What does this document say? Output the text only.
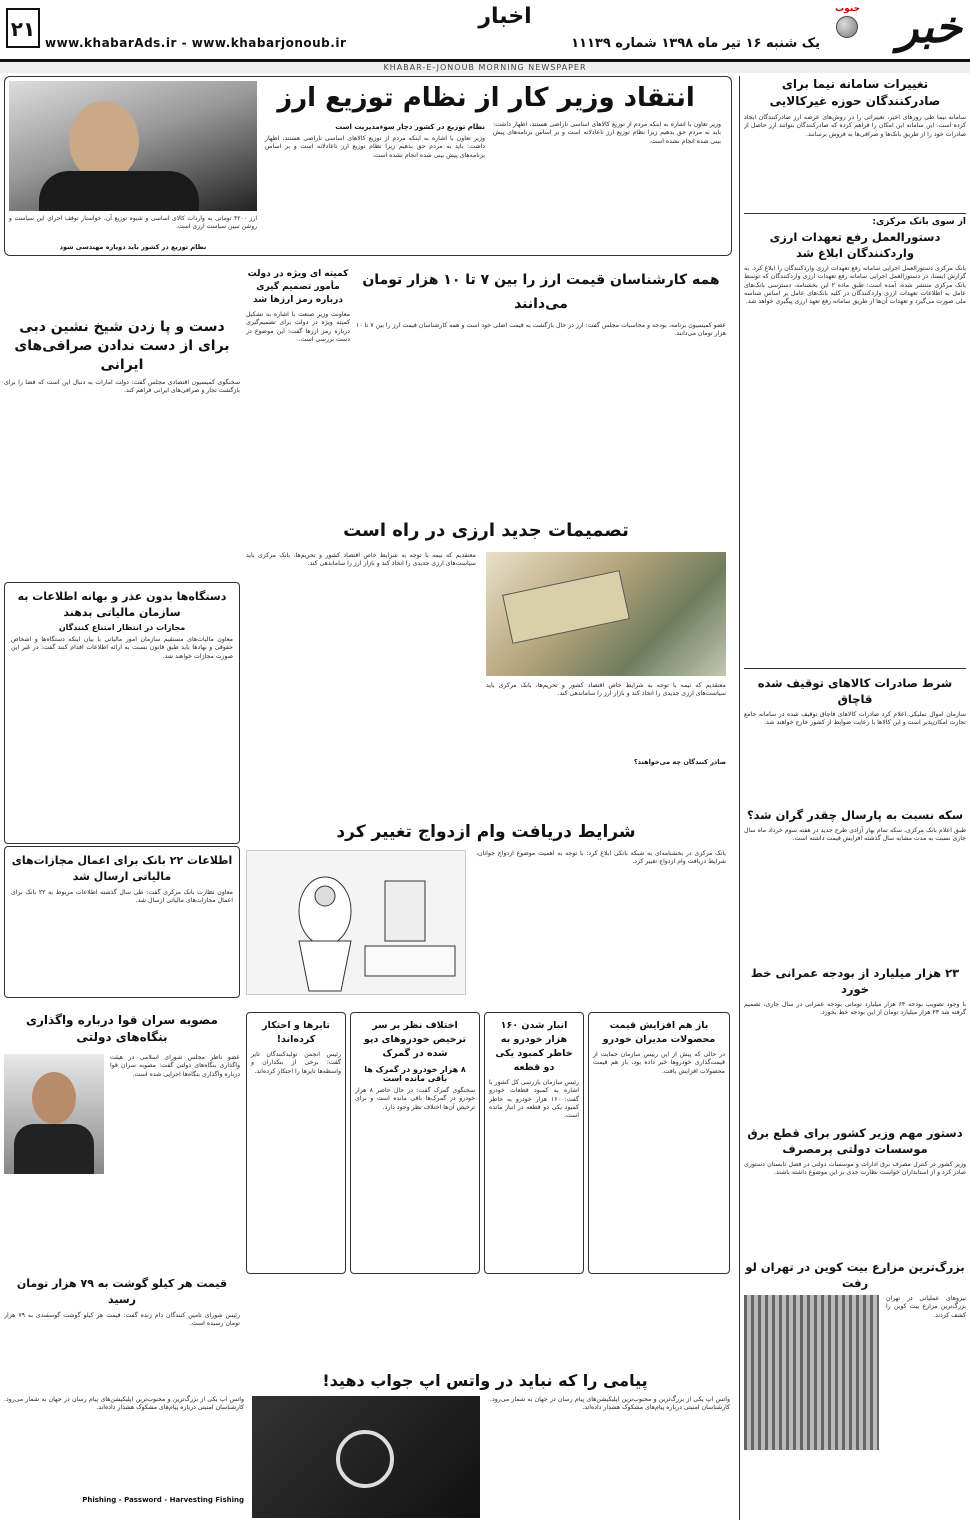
خبر
جنوب
یک شنبه ۱۶ تیر ماه ۱۳۹۸ شماره ۱۱۱۳۹
اخبار
www.khabarAds.ir - www.khabarjonoub.ir
۲۱
KHABAR-E-JONOUB MORNING NEWSPAPER
تغییرات سامانه نیما برای صادرکنندگان حوزه غیرکالایی
سامانه نیما طی روزهای اخیر، تغییراتی را در روش‌های عرضه ارز صادرکنندگان ایجاد کرده است. این سامانه این امکان را فراهم کرده که صادرکنندگان بتوانند ارز حاصل از صادرات خود را از طریق بانک‌ها و صرافی‌ها به فروش برسانند.
از سوی بانک مرکزی:
دستورالعمل رفع تعهدات ارزی واردکنندگان ابلاغ شد
بانک مرکزی دستورالعمل اجرایی سامانه رفع تعهدات ارزی واردکنندگان را ابلاغ کرد. به گزارش ایسنا، در دستورالعمل اجرایی سامانه رفع تعهدات ارزی واردکنندگان که توسط بانک مرکزی منتشر شده، آمده است: طبق ماده ۲ این بخشنامه، دسترسی بانک‌های عامل به اطلاعات تعهدات ارزی واردکنندگان در کلیه بانک‌های عامل بر اساس شناسه ملی صورت می‌گیرد و تعهدات آن‌ها از طریق سامانه رفع تعهد ارزی پیگیری خواهد شد.
شرط صادرات کالاهای توقیف شده قاچاق
سازمان اموال تملیکی اعلام کرد صادرات کالاهای قاچاق توقیف شده در سامانه جامع تجارت امکان‌پذیر است و این کالاها با رعایت ضوابط از کشور خارج خواهند شد.
سکه نسبت به پارسال چقدر گران شد؟
طبق اعلام بانک مرکزی، سکه تمام بهار آزادی طرح جدید در هفته سوم خرداد ماه سال جاری نسبت به مدت مشابه سال گذشته افزایش قیمت داشته است.
۲۳ هزار میلیارد از بودجه عمرانی خط خورد
با وجود تصویب بودجه ۶۴ هزار میلیارد تومانی بودجه عمرانی در سال جاری، تصمیم گرفته شد ۲۳ هزار میلیارد تومان از این بودجه خط بخورد.
دستور مهم وزیر کشور برای قطع برق موسسات دولتی پرمصرف
وزیر کشور در کنترل مصرف برق ادارات و موسسات دولتی در فصل تابستان دستوری صادر کرد و از استانداران خواست نظارت جدی بر این موضوع داشته باشند.
بزرگ‌ترین مزارع بیت کوین در تهران لو رفت
نیروهای عملیاتی در تهران بزرگ‌ترین مزارع بیت کوین را کشف کردند.
انتقاد وزیر کار از نظام توزیع ارز
وزیر تعاون با اشاره به اینکه مردم از توزیع کالاهای اساسی ناراضی هستند، اظهار داشت: باید به مردم حق بدهیم زیرا نظام توزیع ارز ناعادلانه است و بر اساس برنامه‌های پیش بینی شده انجام نشده است.
نظام توزیع در کشور دچار سوءمدیریت است
وزیر تعاون با اشاره به اینکه مردم از توزیع کالاهای اساسی ناراضی هستند، اظهار داشت: باید به مردم حق بدهیم زیرا نظام توزیع ارز ناعادلانه است و بر اساس برنامه‌های پیش بینی شده انجام نشده است.
ارز ۴۲۰۰ تومانی به واردات کالای اساسی و شیوه توزیع آن، خواستار توقف اجرای این سیاست و روشن تبیین سیاست ارزی است.
نظام توزیع در کشور باید دوباره مهندسی شود
دست و پا زدن شیخ نشین دبی برای از دست ندادن صرافی‌های ایرانی
سخنگوی کمیسیون اقتصادی مجلس گفت: دولت امارات به دنبال این است که فضا را برای بازگشت تجار و صرافی‌های ایرانی فراهم کند.
کمیته ای ویژه در دولت مأمور تصمیم گیری درباره رمز ارزها شد
معاونت وزیر صنعت با اشاره به تشکیل کمیته ویژه در دولت برای تصمیم‌گیری درباره رمز ارزها گفت: این موضوع در دست بررسی است.
همه کارشناسان قیمت ارز را بین ۷ تا ۱۰ هزار تومان می‌دانند
عضو کمیسیون برنامه، بودجه و محاسبات مجلس گفت: ارز در حال بازگشت به قیمت اصلی خود است و همه کارشناسان قیمت ارز را بین ۷ تا ۱۰ هزار تومان می‌دانند.
تصمیمات جدید ارزی در راه است
معتقدیم که نیمه با توجه به شرایط خاص اقتصاد کشور و تحریم‌ها، بانک مرکزی باید سیاست‌های ارزی جدیدی را اتخاذ کند و بازار ارز را ساماندهی کند.
صادر کنندگان چه می‌خواهند؟
معتقدیم که نیمه با توجه به شرایط خاص اقتصاد کشور و تحریم‌ها، بانک مرکزی باید سیاست‌های ارزی جدیدی را اتخاذ کند و بازار ارز را ساماندهی کند.
دستگاه‌ها بدون عذر و بهانه اطلاعات به سازمان مالیاتی بدهند
مجازات در انتظار امتناع کنندگان
معاون مالیات‌های مستقیم سازمان امور مالیاتی با بیان اینکه دستگاه‌ها و اشخاص حقوقی و نهادها باید طبق قانون نسبت به ارائه اطلاعات اقدام کنند گفت: در غیر این صورت مجازات خواهند شد.
اطلاعات ۲۲ بانک برای اعمال مجازات‌های مالیاتی ارسال شد
معاون نظارت بانک مرکزی گفت: طی سال گذشته اطلاعات مربوط به ۲۲ بانک برای اعمال مجازات‌های مالیاتی ارسال شد.
شرایط دریافت وام ازدواج تغییر کرد
بانک مرکزی در بخشنامه‌ای به شبکه بانکی ابلاغ کرد: با توجه به اهمیت موضوع ازدواج جوانان، شرایط دریافت وام ازدواج تغییر کرد.
مصوبه سران قوا درباره واگذاری بنگاه‌های دولتی
عضو ناظر مجلس شورای اسلامی در هیئت واگذاری بنگاه‌های دولتی گفت: مصوبه سران قوا درباره واگذاری بنگاه‌ها اجرایی شده است.
قیمت هر کیلو گوشت به ۷۹ هزار تومان رسید
رئیس شورای تامین کنندگان دام زنده گفت: قیمت هر کیلو گوشت گوسفندی به ۷۹ هزار تومان رسیده است.
تابرها و احتکار کرده‌اند!
رئیس انجمن تولیدکنندگان تایر گفت: برخی از بنکداران و واسطه‌ها تایرها را احتکار کرده‌اند.
اختلاف نظر بر سر ترخیص خودروهای دپو شده در گمرک
۸ هزار خودرو در گمرک ها باقی مانده است
سخنگوی گمرک گفت: در حال حاضر ۸ هزار خودرو در گمرک‌ها باقی مانده است و برای ترخیص آن‌ها اختلاف نظر وجود دارد.
انبار شدن ۱۶۰ هزار خودرو به خاطر کمبود یکی دو قطعه
رئیس سازمان بازرسی کل کشور با اشاره به کمبود قطعات خودرو گفت: ۱۶۰ هزار خودرو به خاطر کمبود یکی دو قطعه در انبار مانده است.
باز هم افزایش قیمت محصولات مدیران خودرو
در حالی که پیش از این رییس سازمان حمایت از قیمت‌گذاری خودروها خبر داده بود، باز هم قیمت محصولات افزایش یافت.
پیامی را که نباید در واتس اپ جواب دهید!
واتس اپ یکی از بزرگ‌ترین و محبوب‌ترین اپلیکیشن‌های پیام رسان در جهان به شمار می‌رود. کارشناسان امنیتی درباره پیام‌های مشکوک هشدار داده‌اند.
واتس اپ یکی از بزرگ‌ترین و محبوب‌ترین اپلیکیشن‌های پیام رسان در جهان به شمار می‌رود. کارشناسان امنیتی درباره پیام‌های مشکوک هشدار داده‌اند.
Phishing - Password - Harvesting Fishing
